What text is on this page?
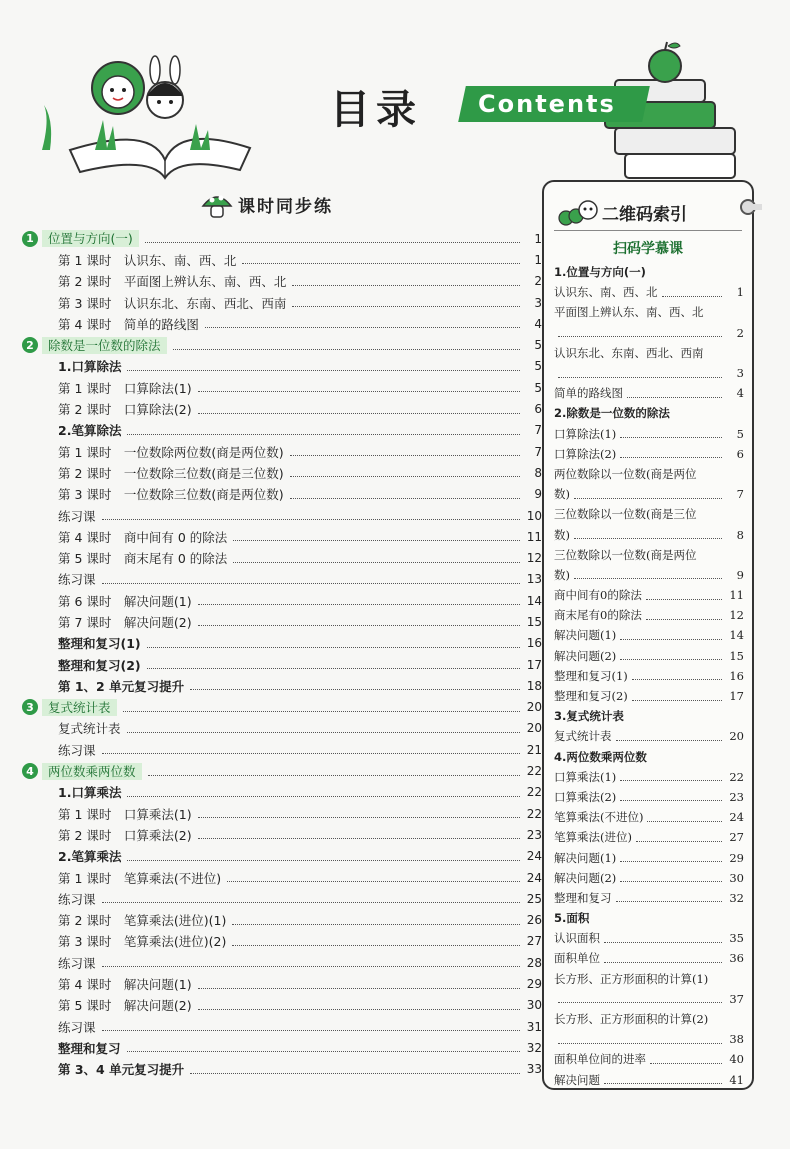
目录	Contents
课时同步练
1	位置与方向(一)	1
第 1 课时　认识东、南、西、北	1
第 2 课时　平面图上辨认东、南、西、北	2
第 3 课时　认识东北、东南、西北、西南	3
第 4 课时　简单的路线图	4
2	除数是一位数的除法	5
1.口算除法	5
第 1 课时　口算除法(1)	5
第 2 课时　口算除法(2)	6
2.笔算除法	7
第 1 课时　一位数除两位数(商是两位数)	7
第 2 课时　一位数除三位数(商是三位数)	8
第 3 课时　一位数除三位数(商是两位数)	9
练习课	10
第 4 课时　商中间有 0 的除法	11
第 5 课时　商末尾有 0 的除法	12
练习课	13
第 6 课时　解决问题(1)	14
第 7 课时　解决问题(2)	15
整理和复习(1)	16
整理和复习(2)	17
第 1、2 单元复习提升	18
3	复式统计表	20
复式统计表	20
练习课	21
4	两位数乘两位数	22
1.口算乘法	22
第 1 课时　口算乘法(1)	22
第 2 课时　口算乘法(2)	23
2.笔算乘法	24
第 1 课时　笔算乘法(不进位)	24
练习课	25
第 2 课时　笔算乘法(进位)(1)	26
第 3 课时　笔算乘法(进位)(2)	27
练习课	28
第 4 课时　解决问题(1)	29
第 5 课时　解决问题(2)	30
练习课	31
整理和复习	32
第 3、4 单元复习提升	33
二维码索引
扫码学慕课
1.位置与方向(一)
认识东、南、西、北	1
平面图上辨认东、南、西、北
2
认识东北、东南、西北、西南
3
简单的路线图	4
2.除数是一位数的除法
口算除法(1)	5
口算除法(2)	6
两位数除以一位数(商是两位
数)	7
三位数除以一位数(商是三位
数)	8
三位数除以一位数(商是两位
数)	9
商中间有0的除法	11
商末尾有0的除法	12
解决问题(1)	14
解决问题(2)	15
整理和复习(1)	16
整理和复习(2)	17
3.复式统计表
复式统计表	20
4.两位数乘两位数
口算乘法(1)	22
口算乘法(2)	23
笔算乘法(不进位)	24
笔算乘法(进位)	27
解决问题(1)	29
解决问题(2)	30
整理和复习	32
5.面积
认识面积	35
面积单位	36
长方形、正方形面积的计算(1)
37
长方形、正方形面积的计算(2)
38
面积单位间的进率	40
解决问题	41
